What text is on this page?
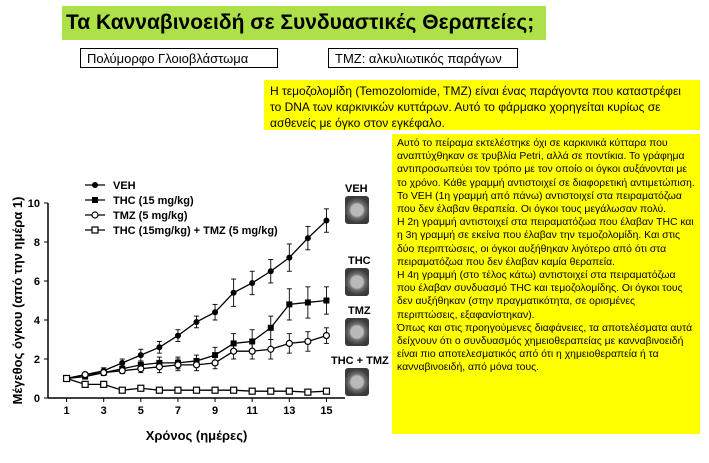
Τα Κανναβινοειδή σε Συνδυαστικές Θεραπείες;
Πολύμορφο Γλοιοβλάστωμα	TMZ: αλκυλιωτικός παράγων
Η τεμοζολομίδη (Temozolomide, TMZ) είναι ένας παράγοντα που καταστρέφει το DNA των καρκινικών κυττάρων. Αυτό το φάρμακο χορηγείται κυρίως σε ασθενείς με όγκο στον εγκέφαλο.

Αυτό το πείραμα εκτελέστηκε όχι σε καρκινικά κύτταρα που αναπτύχθηκαν σε τρυβλία Petri, αλλά σε ποντίκια. Το γράφημα αντιπροσωπεύει τον τρόπο με τον οποίο οι όγκοι αυξάνονται με το χρόνο. Κάθε γραμμή αντιστοιχεί σε διαφορετική αντιμετώπιση.

Το VEH (1η γραμμή από πάνω) αντιστοιχεί στα πειραματόζωα που δεν έλαβαν θεραπεία. Οι όγκοι τους μεγάλωσαν πολύ.

Η 2η γραμμή αντιστοιχεί στα πειραματόζωα που έλαβαν THC και η 3η γραμμή σε εκείνα που έλαβαν την τεμοζολομίδη. Και στις δύο περιπτώσεις, οι όγκοι αυξήθηκαν λιγότερο από ότι στα πειραματόζωα που δεν έλαβαν καμία θεραπεία.

Η 4η γραμμή (στο τέλος κάτω) αντιστοιχεί στα πειραματόζωα που έλαβαν συνδυασμό THC και τεμοζολομίδης. Οι όγκοι τους δεν αυξήθηκαν (στην πραγματικότητα, σε ορισμένες περιπτώσεις, εξαφανίστηκαν).

Όπως και στις προηγούμενες διαφάνειες, τα αποτελέσματα αυτά δείχνουν ότι ο συνδυασμός χημειοθεραπείας με κανναβινοειδή είναι πιο αποτελεσματικός από ότι η χημειοθεραπεία ή τα κανναβινοειδή, από μόνα τους.

0
2
4
6
8
10
1	3	5	7	9	11 13 15
Χρόνος (ημέρες)
Μέγεθος όγκου (από την ημέρα 1)
VEH
THC (15 mg/kg)
TMZ (5 mg/kg)
THC (15mg/kg) + TMZ (5 mg/kg)
VEH
THC
TMZ
THC + TMZ
